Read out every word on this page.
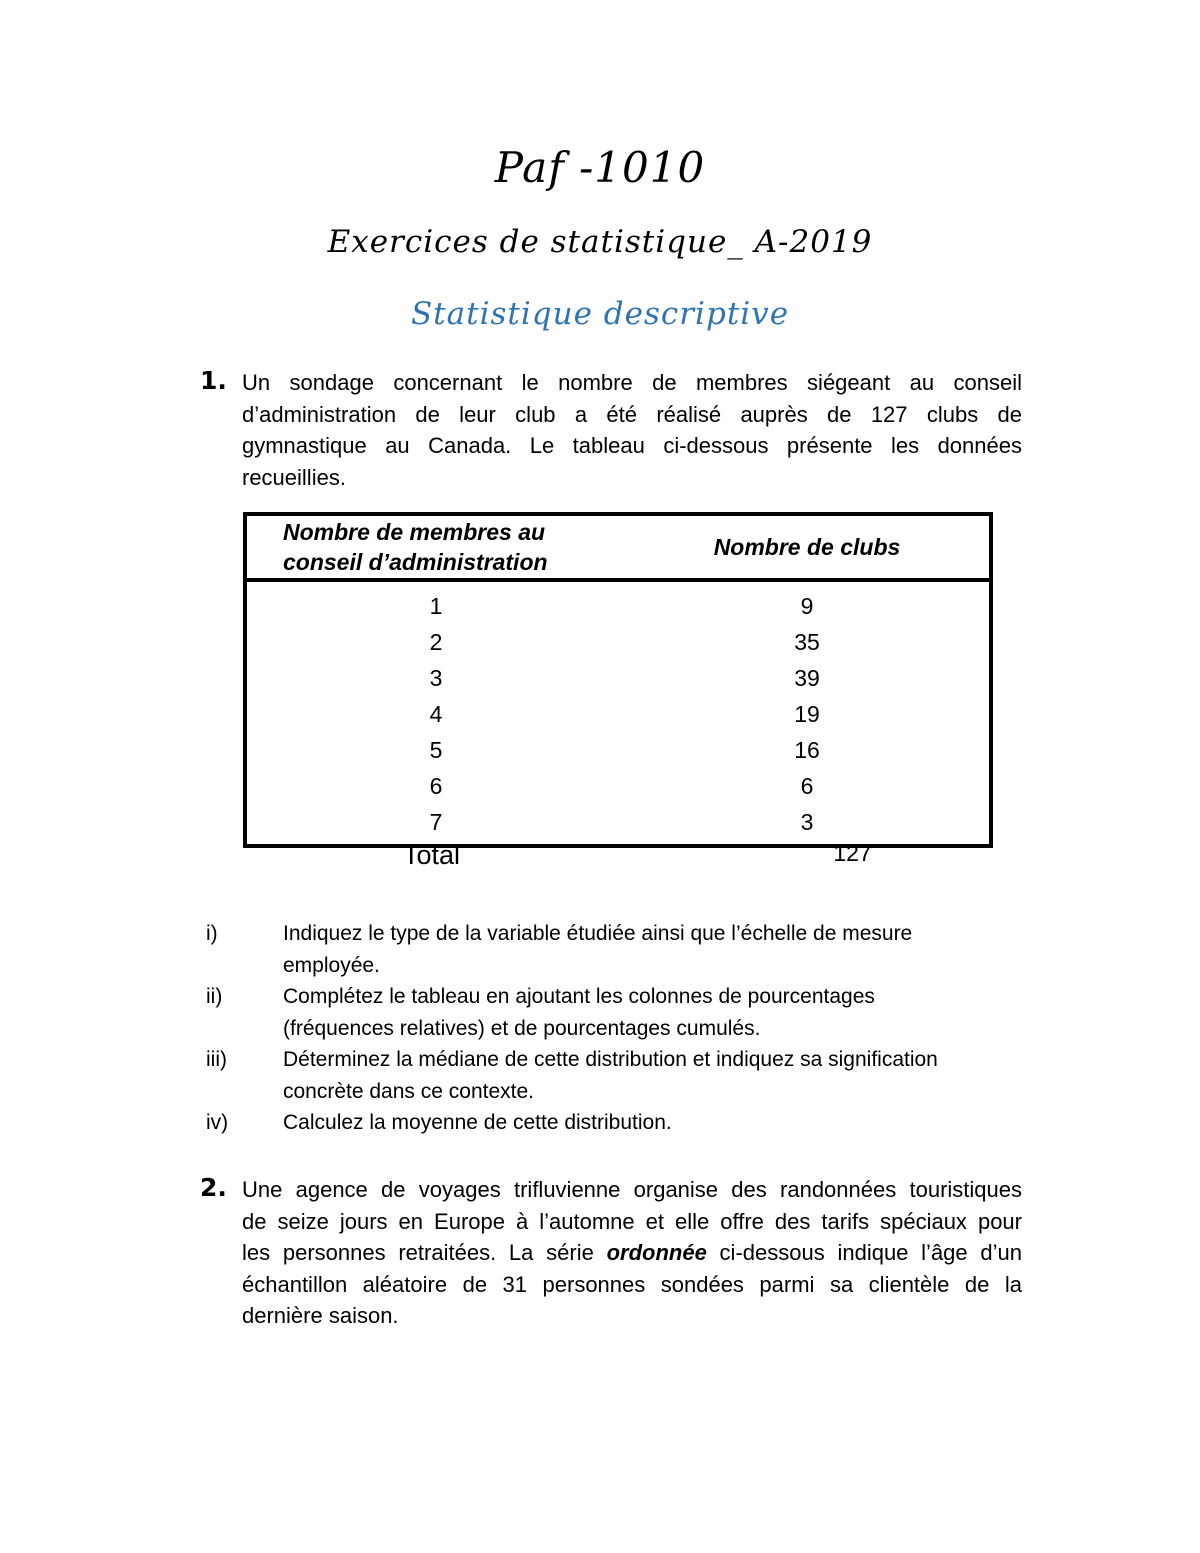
Paf -1010
Exercices de statistique_ A-2019
Statistique descriptive
1. Un sondage concernant le nombre de membres siégeant au conseil
d’administration de leur club a été réalisé auprès de 127 clubs de
gymnastique au Canada. Le tableau ci-dessous présente les données
recueillies.
Nombre de membres au
conseil d’administration	Nombre de clubs
1	9
2	35
3	39
4	19
5	16
6	6
7	3
Total	127
i)	Indiquez le type de la variable étudiée ainsi que l’échelle de mesure
employée.
ii)	Complétez le tableau en ajoutant les colonnes de pourcentages
(fréquences relatives) et de pourcentages cumulés.
iii)	Déterminez la médiane de cette distribution et indiquez sa signification
concrète dans ce contexte.
iv)	Calculez la moyenne de cette distribution.
2. Une agence de voyages trifluvienne organise des randonnées touristiques
de seize jours en Europe à l’automne et elle offre des tarifs spéciaux pour
les personnes retraitées. La série ordonnée ci-dessous indique l’âge d’un
échantillon aléatoire de 31 personnes sondées parmi sa clientèle de la
dernière saison.
